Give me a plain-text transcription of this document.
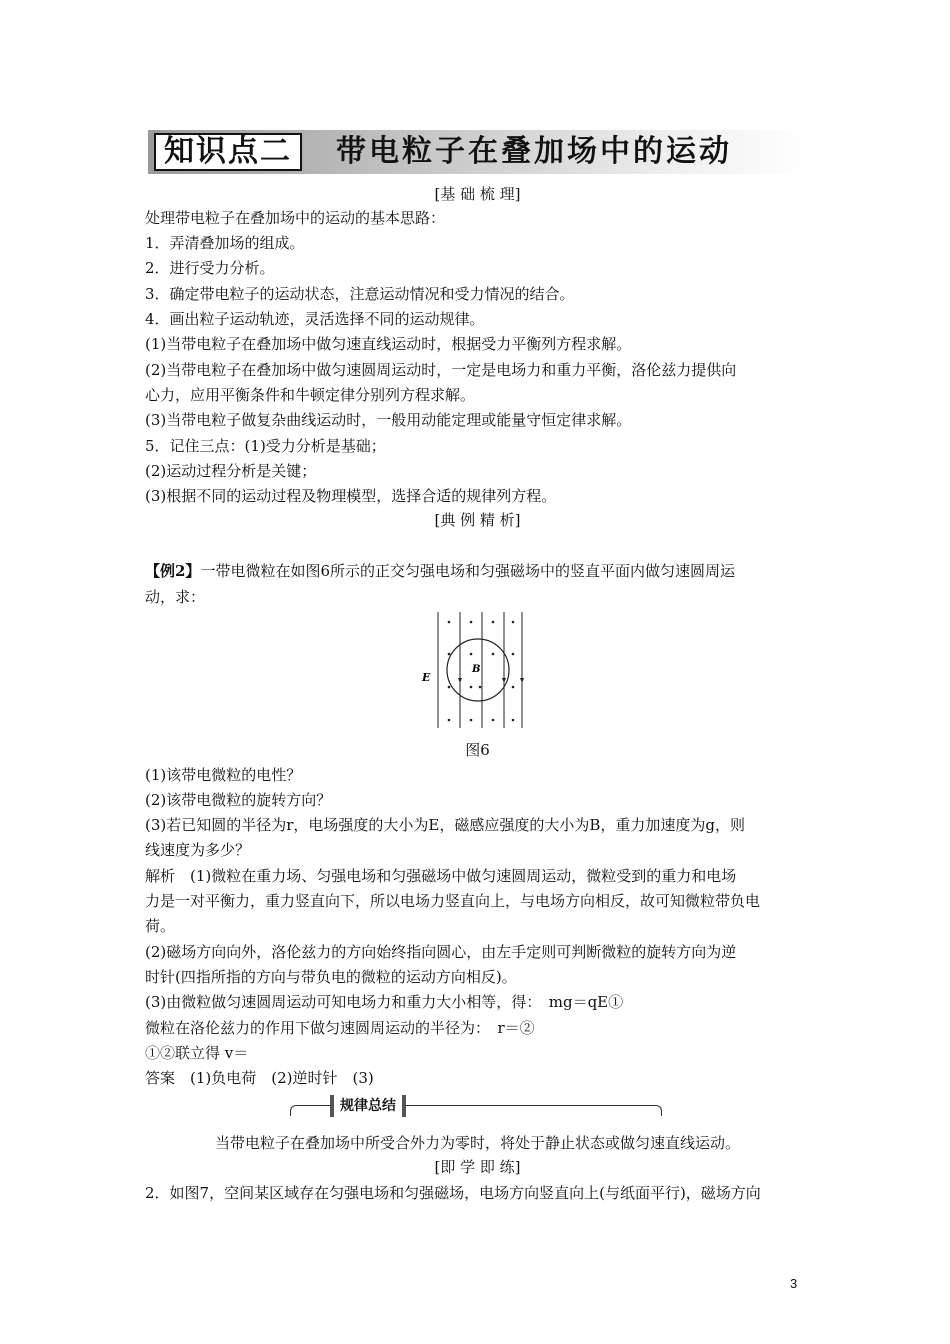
知识点二	带电粒子在叠加场中的运动
[基 础 梳 理]
处理带电粒子在叠加场中的运动的基本思路：
1．弄清叠加场的组成。
2．进行受力分析。
3．确定带电粒子的运动状态，注意运动情况和受力情况的结合。
4．画出粒子运动轨迹，灵活选择不同的运动规律。
(1)当带电粒子在叠加场中做匀速直线运动时，根据受力平衡列方程求解。
(2)当带电粒子在叠加场中做匀速圆周运动时，一定是电场力和重力平衡，洛伦兹力提供向
心力，应用平衡条件和牛顿定律分别列方程求解。
(3)当带电粒子做复杂曲线运动时，一般用动能定理或能量守恒定律求解。
5．记住三点：(1)受力分析是基础；
(2)运动过程分析是关键；
(3)根据不同的运动过程及物理模型，选择合适的规律列方程。
[典 例 精 析]
【例2】一带电微粒在如图6所示的正交匀强电场和匀强磁场中的竖直平面内做匀速圆周运
动，求：
E
B
图6
(1)该带电微粒的电性？
(2)该带电微粒的旋转方向？
(3)若已知圆的半径为r，电场强度的大小为E，磁感应强度的大小为B，重力加速度为g，则
线速度为多少？
解析　(1)微粒在重力场、匀强电场和匀强磁场中做匀速圆周运动，微粒受到的重力和电场
力是一对平衡力，重力竖直向下，所以电场力竖直向上，与电场方向相反，故可知微粒带负电
荷。
(2)磁场方向向外，洛伦兹力的方向始终指向圆心，由左手定则可判断微粒的旋转方向为逆
时针(四指所指的方向与带负电的微粒的运动方向相反)。
(3)由微粒做匀速圆周运动可知电场力和重力大小相等，得：　mg＝qE①
微粒在洛伦兹力的作用下做匀速圆周运动的半径为：　r＝②
①②联立得 v＝
答案　(1)负电荷　(2)逆时针　(3)
规律总结
当带电粒子在叠加场中所受合外力为零时，将处于静止状态或做匀速直线运动。
[即 学 即 练]
2．如图7，空间某区域存在匀强电场和匀强磁场，电场方向竖直向上(与纸面平行)，磁场方向
3
